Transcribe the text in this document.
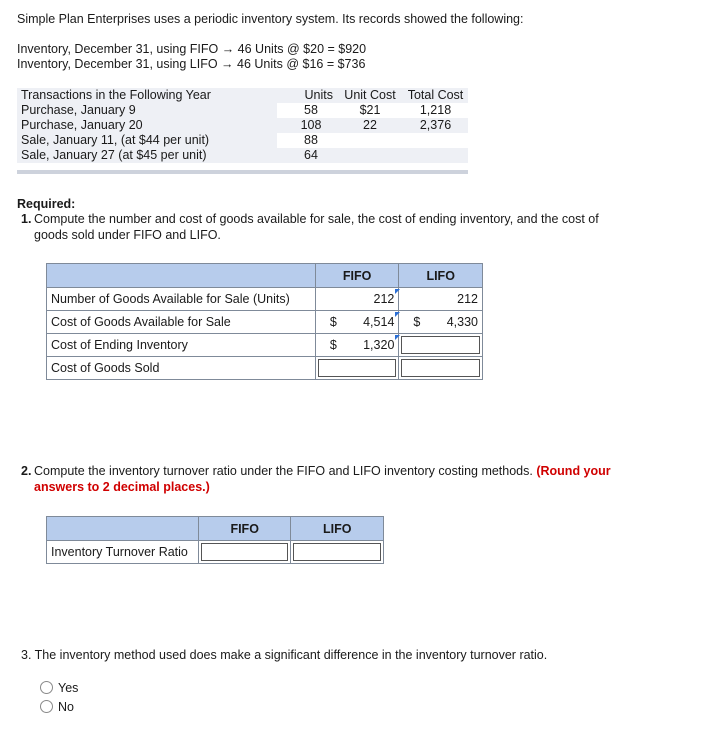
Simple Plan Enterprises uses a periodic inventory system. Its records showed the following:
Inventory, December 31, using FIFO → 46 Units @ $20 = $920
Inventory, December 31, using LIFO → 46 Units @ $16 = $736
Transactions in the Following Year	Units	Unit Cost	Total Cost
Purchase, January 9	58	$21	1,218
Purchase, January 20	108	22	2,376
Sale, January 11, (at $44 per unit)	88		
Sale, January 27 (at $45 per unit)	64		
Required:
1. Compute the number and cost of goods available for sale, the cost of ending inventory, and the cost of
goods sold under FIFO and LIFO.
	FIFO	LIFO
Number of Goods Available for Sale (Units)	212	212

Cost of Goods Available for Sale	$ 4,514	$ 4,330

Cost of Ending Inventory	$ 1,320	

Cost of Goods Sold	

2. Compute the inventory turnover ratio under the FIFO and LIFO inventory costing methods. (Round your
answers to 2 decimal places.)
	FIFO	LIFO
Inventory Turnover Ratio	

3. The inventory method used does make a significant difference in the inventory turnover ratio.
Yes
No
